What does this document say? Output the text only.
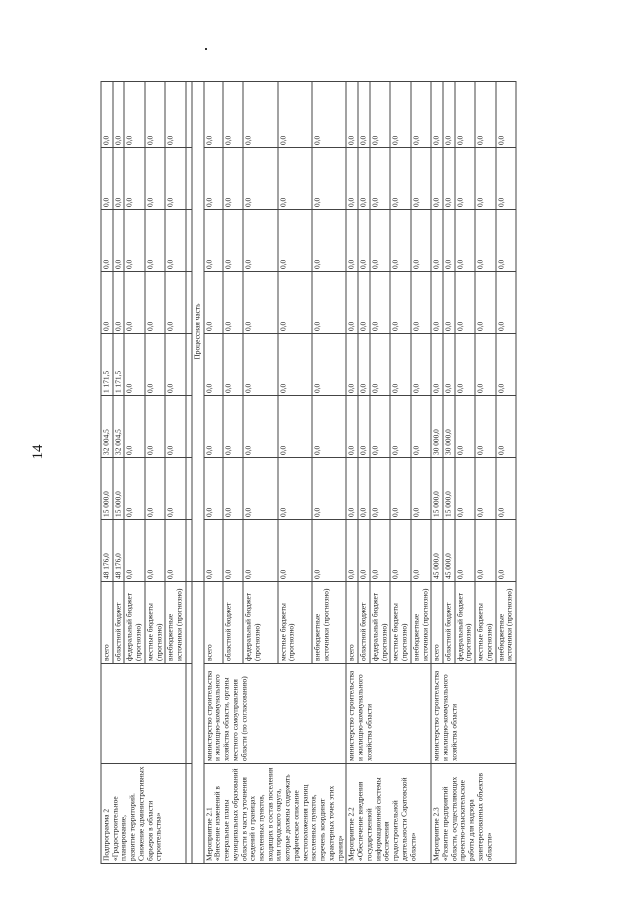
14
Подпрограмма 2
«Градостроительное планирование,
развитие территорий.
Снижение административных барьеров в области строительства»		всего	48 176,0	15 000,0	32 004,5	1 171,5	0,0	0,0	0,0	0,0
		областной бюджет	48 176,0	15 000,0	32 004,5	1 171,5	0,0	0,0	0,0	0,0
		федеральный бюджет (прогнозно)	0,0	0,0	0,0	0,0	0,0	0,0	0,0	0,0
		местные бюджеты (прогнозно)	0,0	0,0	0,0	0,0	0,0	0,0	0,0	0,0
		внебюджетные источники (прогнозно)	0,0	0,0	0,0	0,0	0,0	0,0	0,0	0,0

			Процессная часть							
Мероприятие 2.1
«Внесение изменений в генеральные планы муниципальных образований области в части уточнения сведений о границах населенных пунктов, входящих в состав поселения или городского округа, которые должны содержать графическое описание местоположения границ населенных пунктов, перечень координат характерных точек этих границ»	министерство строительства и жилищно-коммунального хозяйства области, органы местного самоуправления области (по согласованию)	всего	0,0	0,0	0,0	0,0	0,0	0,0	0,0	0,0
		областной бюджет	0,0	0,0	0,0	0,0	0,0	0,0	0,0	0,0
		федеральный бюджет (прогнозно)	0,0	0,0	0,0	0,0	0,0	0,0	0,0	0,0
		местные бюджеты (прогнозно)	0,0	0,0	0,0	0,0	0,0	0,0	0,0	0,0
		внебюджетные источники (прогнозно)	0,0	0,0	0,0	0,0	0,0	0,0	0,0	0,0
Мероприятие 2.2
«Обеспечение внедрения государственной информационной системы обеспечения градостроительной деятельности Саратовской области»	министерство строительства и жилищно-коммунального хозяйства области	всего	0,0	0,0	0,0	0,0	0,0	0,0	0,0	0,0
		областной бюджет	0,0	0,0	0,0	0,0	0,0	0,0	0,0	0,0
		федеральный бюджет (прогнозно)	0,0	0,0	0,0	0,0	0,0	0,0	0,0	0,0
		местные бюджеты (прогнозно)	0,0	0,0	0,0	0,0	0,0	0,0	0,0	0,0
		внебюджетные источники (прогнозно)	0,0	0,0	0,0	0,0	0,0	0,0	0,0	0,0
Мероприятие 2.3
«Развитие предприятий области, осуществляющих проектно-изыскательские работы для надзора заинтересованных объектов области»	министерство строительства и жилищно-коммунального хозяйства области	всего	45 000,0	15 000,0	30 000,0	0,0	0,0	0,0	0,0	0,0
		областной бюджет	45 000,0	15 000,0	30 000,0	0,0	0,0	0,0	0,0	0,0
		федеральный бюджет (прогнозно)	0,0	0,0	0,0	0,0	0,0	0,0	0,0	0,0
		местные бюджеты (прогнозно)	0,0	0,0	0,0	0,0	0,0	0,0	0,0	0,0
		внебюджетные источники (прогнозно)	0,0	0,0	0,0	0,0	0,0	0,0	0,0	0,0
